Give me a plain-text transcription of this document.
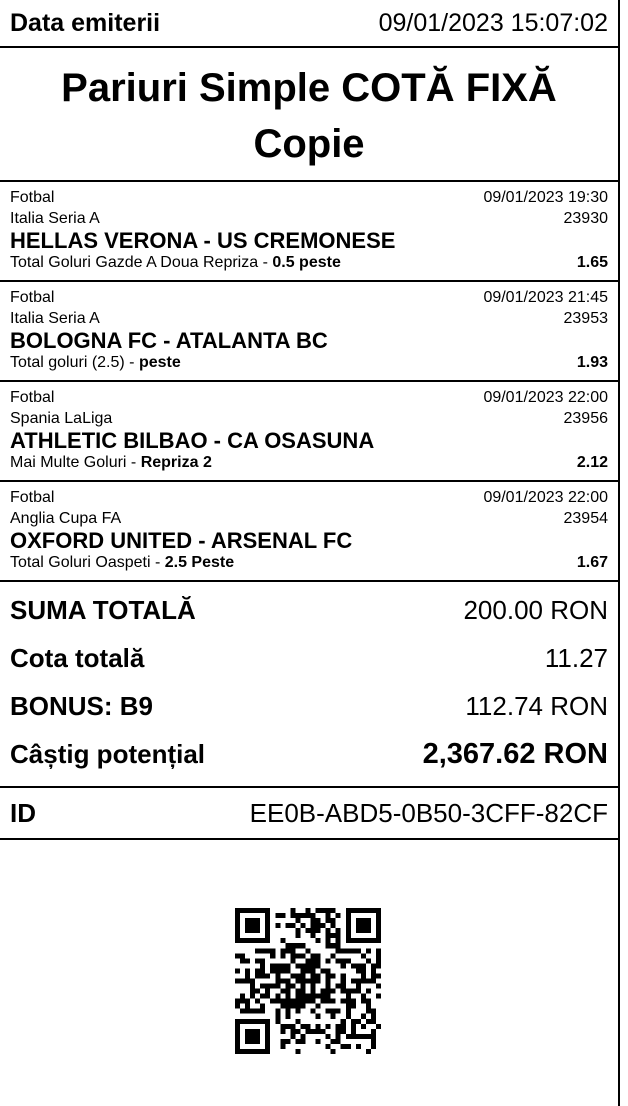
Data emiterii	09/01/2023 15:07:02
Pariuri Simple COTĂ FIXĂ
Copie
Fotbal	09/01/2023 19:30
Italia Seria A	23930
HELLAS VERONA - US CREMONESE
Total Goluri Gazde A Doua Repriza - 0.5 peste	1.65
Fotbal	09/01/2023 21:45
Italia Seria A	23953
BOLOGNA FC - ATALANTA BC
Total goluri (2.5) - peste	1.93
Fotbal	09/01/2023 22:00
Spania LaLiga	23956
ATHLETIC BILBAO - CA OSASUNA
Mai Multe Goluri - Repriza 2	2.12
Fotbal	09/01/2023 22:00
Anglia Cupa FA	23954
OXFORD UNITED - ARSENAL FC
Total Goluri Oaspeti - 2.5 Peste	1.67
SUMA TOTALĂ	200.00 RON
Cota totală	11.27
BONUS: B9	112.74 RON
Câștig potențial	2,367.62 RON
ID	EE0B-ABD5-0B50-3CFF-82CF
